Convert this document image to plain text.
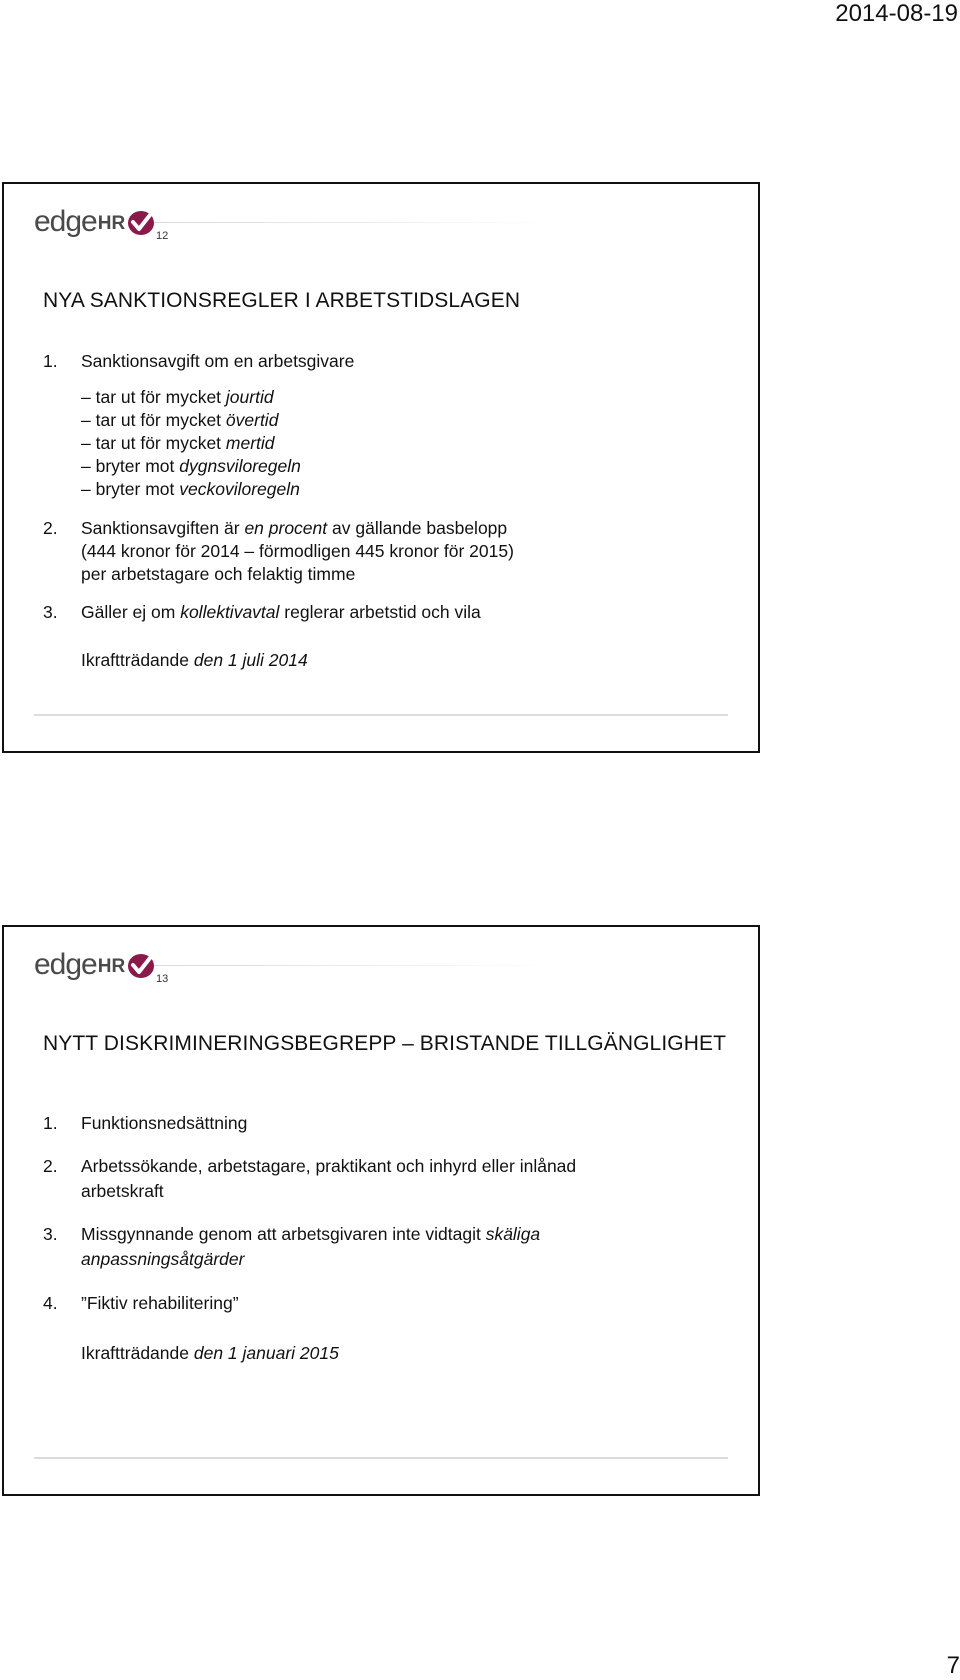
2014-08-19
edge HR
12
NYA SANKTIONSREGLER I ARBETSTIDSLAGEN
1. Sanktionsavgift om en arbetsgivare
– tar ut för mycket jourtid
– tar ut för mycket övertid
– tar ut för mycket mertid
– bryter mot dygnsviloregeln
– bryter mot veckoviloregeln
2. Sanktionsavgiften är en procent av gällande basbelopp
(444 kronor för 2014 – förmodligen 445 kronor för 2015)
per arbetstagare och felaktig timme
3. Gäller ej om kollektivavtal reglerar arbetstid och vila
Ikraftträdande den 1 juli 2014
edge HR
13
NYTT DISKRIMINERINGSBEGREPP – BRISTANDE TILLGÄNGLIGHET
1. Funktionsnedsättning
2. Arbetssökande, arbetstagare, praktikant och inhyrd eller inlånad
arbetskraft
3. Missgynnande genom att arbetsgivaren inte vidtagit skäliga
anpassningsåtgärder
4. ”Fiktiv rehabilitering”
Ikraftträdande den 1 januari 2015
7
